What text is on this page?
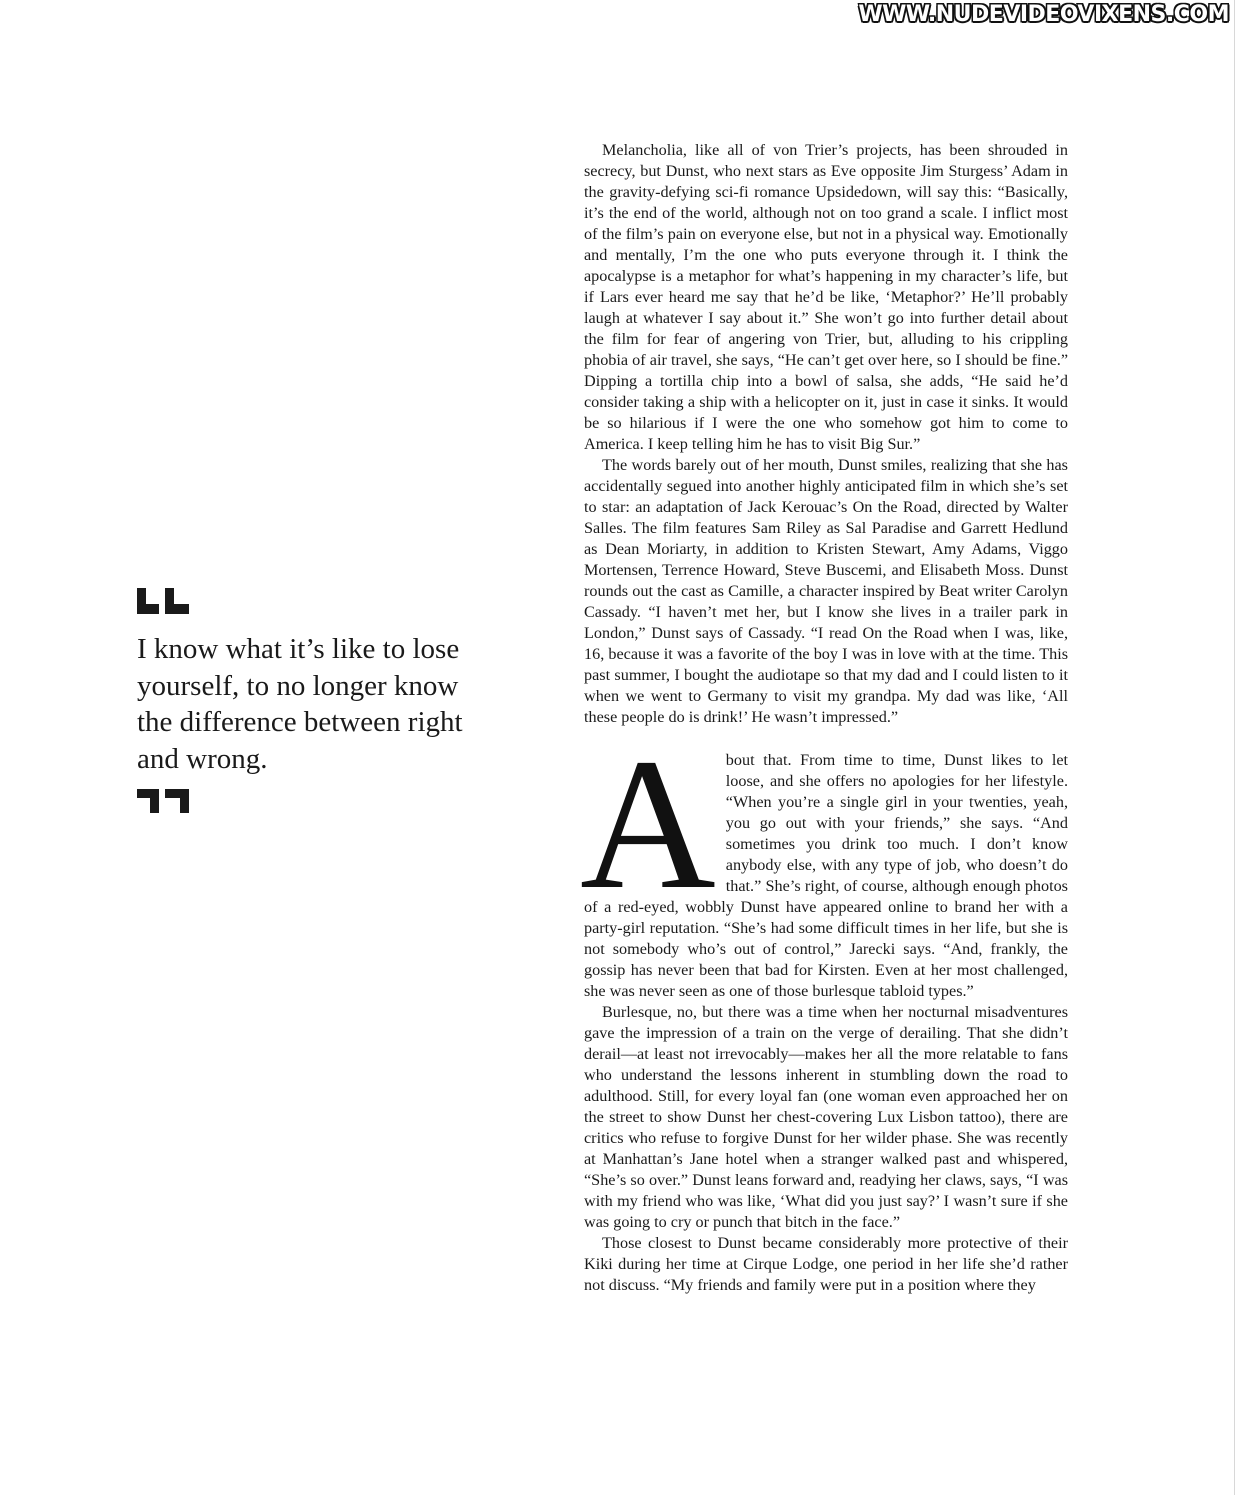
WWW.NUDEVIDEOVIXENS.COM
I know what it’s like to lose yourself, to no longer know the difference between right and wrong.

Melancholia, like all of von Trier’s projects, has been shrouded in secrecy, but Dunst, who next stars as Eve opposite Jim Sturgess’ Adam in the gravity-defying sci-fi romance Upsidedown, will say this: “Basically, it’s the end of the world, although not on too grand a scale. I inflict most of the film’s pain on everyone else, but not in a physical way. Emotionally and mentally, I’m the one who puts everyone through it. I think the apocalypse is a metaphor for what’s happening in my character’s life, but if Lars ever heard me say that he’d be like, ‘Metaphor?’ He’ll probably laugh at whatever I say about it.” She won’t go into further detail about the film for fear of angering von Trier, but, alluding to his crippling phobia of air travel, she says, “He can’t get over here, so I should be fine.” Dipping a tortilla chip into a bowl of salsa, she adds, “He said he’d consider taking a ship with a helicopter on it, just in case it sinks. It would be so hilarious if I were the one who somehow got him to come to America. I keep telling him he has to visit Big Sur.”

The words barely out of her mouth, Dunst smiles, realizing that she has accidentally segued into another highly anticipated film in which she’s set to star: an adaptation of Jack Kerouac’s On the Road, directed by Walter Salles. The film features Sam Riley as Sal Paradise and Garrett Hedlund as Dean Moriarty, in addition to Kristen Stewart, Amy Adams, Viggo Mortensen, Terrence Howard, Steve Buscemi, and Elisabeth Moss. Dunst rounds out the cast as Camille, a character inspired by Beat writer Carolyn Cassady. “I haven’t met her, but I know she lives in a trailer park in London,” Dunst says of Cassady. “I read On the Road when I was, like, 16, because it was a favorite of the boy I was in love with at the time. This past summer, I bought the audiotape so that my dad and I could listen to it when we went to Germany to visit my grandpa. My dad was like, ‘All these people do is drink!’ He wasn’t impressed.”

A bout that. From time to time, Dunst likes to let loose, and she offers no apologies for her lifestyle. “When you’re a single girl in your twenties, yeah, you go out with your friends,” she says. “And sometimes you drink too much. I don’t know anybody else, with any type of job, who doesn’t do that.” She’s right, of course, although enough photos of a red-eyed, wobbly Dunst have appeared online to brand her with a party-girl reputation. “She’s had some difficult times in her life, but she is not somebody who’s out of control,” Jarecki says. “And, frankly, the gossip has never been that bad for Kirsten. Even at her most challenged, she was never seen as one of those burlesque tabloid types.”

Burlesque, no, but there was a time when her nocturnal misadventures gave the impression of a train on the verge of derailing. That she didn’t derail—at least not irrevocably—makes her all the more relatable to fans who understand the lessons inherent in stumbling down the road to adulthood. Still, for every loyal fan (one woman even approached her on the street to show Dunst her chest-covering Lux Lisbon tattoo), there are critics who refuse to forgive Dunst for her wilder phase. She was recently at Manhattan’s Jane hotel when a stranger walked past and whispered, “She’s so over.” Dunst leans forward and, readying her claws, says, “I was with my friend who was like, ‘What did you just say?’ I wasn’t sure if she was going to cry or punch that bitch in the face.”

Those closest to Dunst became considerably more protective of their Kiki during her time at Cirque Lodge, one period in her life she’d rather not discuss. “My friends and family were put in a position where they
